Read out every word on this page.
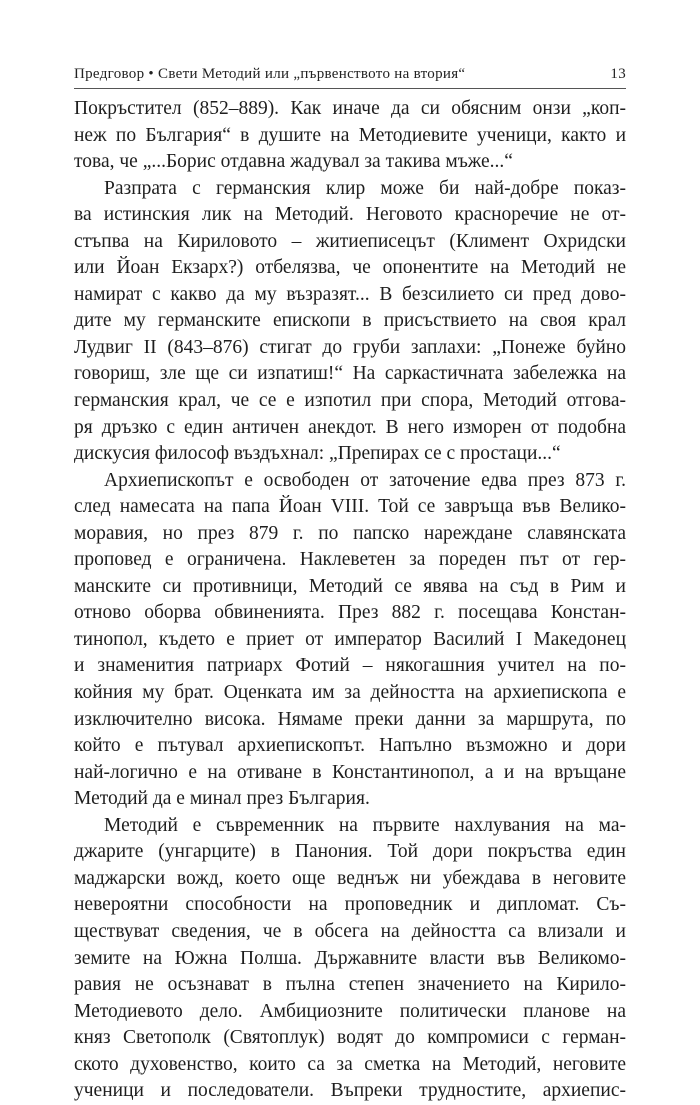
Предговор • Свети Методий или „първенството на втория“	13
Покръстител (852–889). Как иначе да си обясним онзи „коп-
неж по България“ в душите на Методиевите ученици, както и
това, че „...Борис отдавна жадувал за такива мъже...“
Разпрата с германския клир може би най-добре показ-
ва истинския лик на Методий. Неговото красноречие не от-
стъпва на Кириловото – житиеписецът (Климент Охридски
или Йоан Екзарх?) отбелязва, че опонентите на Методий не
намират с какво да му възразят... В безсилието си пред дово-
дите му германските епископи в присъствието на своя крал
Лудвиг II (843–876) стигат до груби заплахи: „Понеже буйно
говориш, зле ще си изпатиш!“ На саркастичната забележка на
германския крал, че се е изпотил при спора, Методий отгова-
ря дръзко с един античен анекдот. В него изморен от подобна
дискусия философ въздъхнал: „Препирах се с простаци...“
Архиепископът е освободен от заточение едва през 873 г.
след намесата на папа Йоан VIII. Той се завръща във Велико-
моравия, но през 879 г. по папско нареждане славянската
проповед е ограничена. Наклеветен за пореден път от гер-
манските си противници, Методий се явява на съд в Рим и
отново оборва обвиненията. През 882 г. посещава Констан-
тинопол, където е приет от император Василий I Македонец
и знаменития патриарх Фотий – някогашния учител на по-
койния му брат. Оценката им за дейността на архиепископа е
изключително висока. Нямаме преки данни за маршрута, по
който е пътувал архиепископът. Напълно възможно и дори
най-логично е на отиване в Константинопол, а и на връщане
Методий да е минал през България.
Методий е съвременник на първите нахлувания на ма-
джарите (унгарците) в Панония. Той дори покръства един
маджарски вожд, което още веднъж ни убеждава в неговите
невероятни способности на проповедник и дипломат. Съ-
ществуват сведения, че в обсега на дейността са влизали и
земите на Южна Полша. Държавните власти във Великомо-
равия не осъзнават в пълна степен значението на Кирило-
Методиевото дело. Амбициозните политически планове на
княз Светополк (Святоплук) водят до компромиси с герман-
ското духовенство, които са за сметка на Методий, неговите
ученици и последователи. Въпреки трудностите, архиепис-
